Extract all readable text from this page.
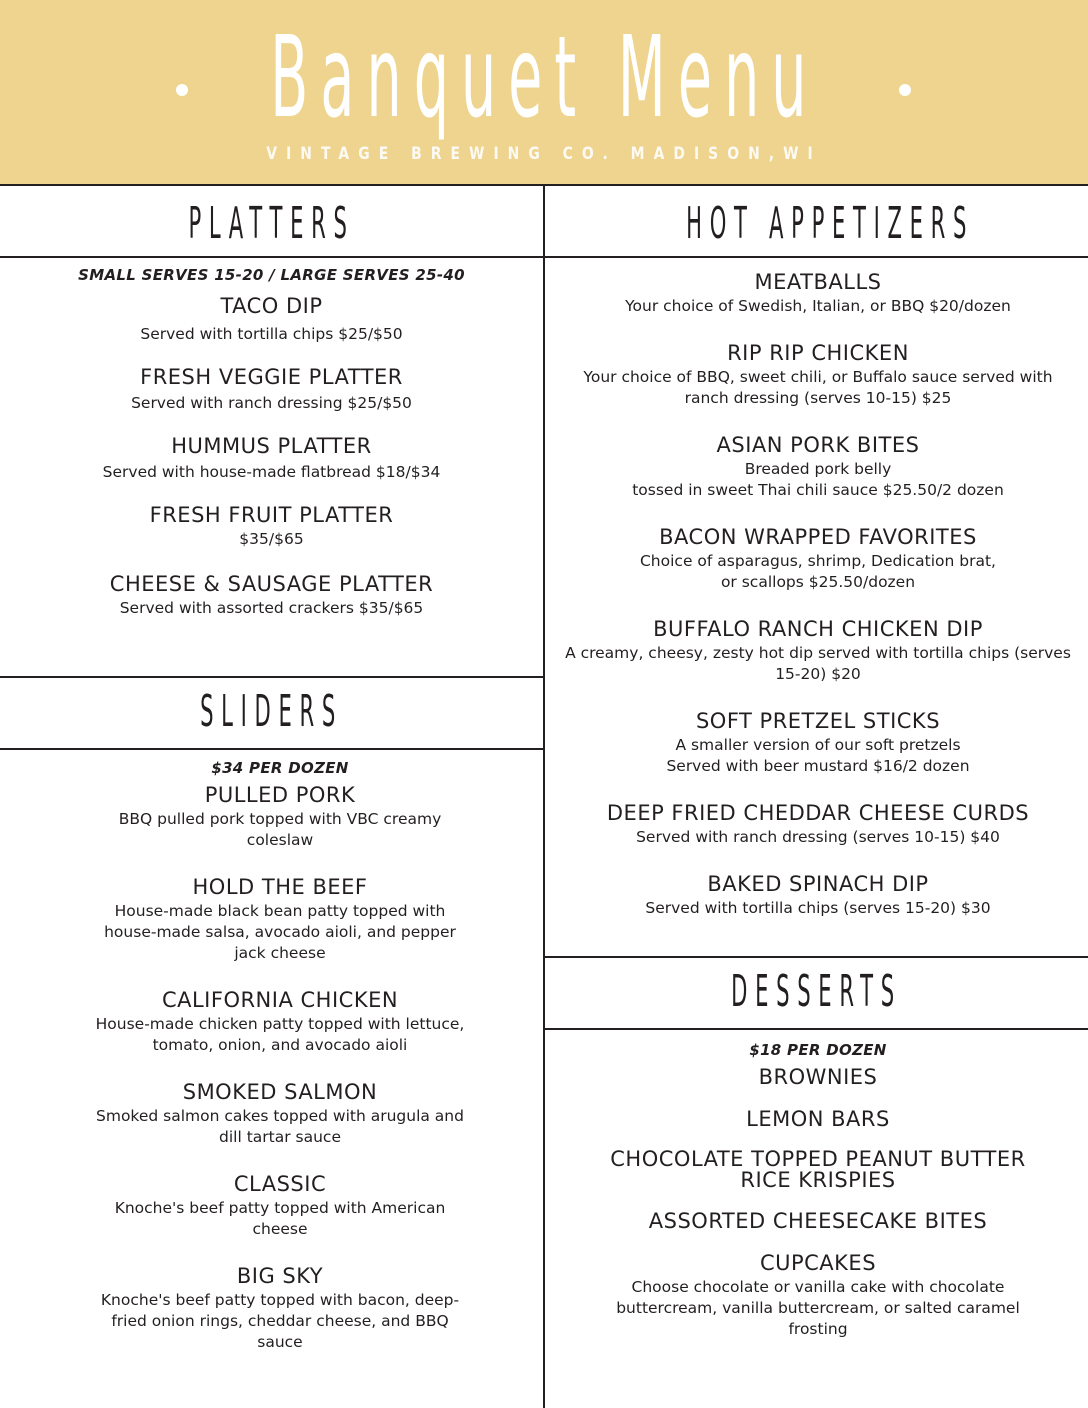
Banquet Menu
VINTAGE BREWING CO. MADISON,WI
PLATTERS	HOT APPETIZERS
SLIDERS
DESSERTS
SMALL SERVES 15-20 / LARGE SERVES 25-40
TACO DIP
Served with tortilla chips $25/$50
FRESH VEGGIE PLATTER
Served with ranch dressing $25/$50
HUMMUS PLATTER
Served with house-made flatbread $18/$34
FRESH FRUIT PLATTER
$35/$65
CHEESE & SAUSAGE PLATTER
Served with assorted crackers $35/$65
$34 PER DOZEN
PULLED PORK
BBQ pulled pork topped with VBC creamy coleslaw
HOLD THE BEEF
House-made black bean patty topped with house-made salsa, avocado aioli, and pepper jack cheese
CALIFORNIA CHICKEN
House-made chicken patty topped with lettuce, tomato, onion, and avocado aioli
SMOKED SALMON
Smoked salmon cakes topped with arugula and dill tartar sauce
CLASSIC
Knoche's beef patty topped with American cheese
BIG SKY
Knoche's beef patty topped with bacon, deep-fried onion rings, cheddar cheese, and BBQ sauce
MEATBALLS
Your choice of Swedish, Italian, or BBQ $20/dozen
RIP RIP CHICKEN
Your choice of BBQ, sweet chili, or Buffalo sauce served with ranch dressing (serves 10-15) $25
ASIAN PORK BITES
Breaded pork belly
tossed in sweet Thai chili sauce $25.50/2 dozen
BACON WRAPPED FAVORITES
Choice of asparagus, shrimp, Dedication brat,
or scallops $25.50/dozen
BUFFALO RANCH CHICKEN DIP
A creamy, cheesy, zesty hot dip served with tortilla chips (serves 15-20) $20
SOFT PRETZEL STICKS
A smaller version of our soft pretzels
Served with beer mustard $16/2 dozen
DEEP FRIED CHEDDAR CHEESE CURDS
Served with ranch dressing (serves 10-15) $40
BAKED SPINACH DIP
Served with tortilla chips (serves 15-20) $30
$18 PER DOZEN
BROWNIES
LEMON BARS
CHOCOLATE TOPPED PEANUT BUTTER
RICE KRISPIES
ASSORTED CHEESECAKE BITES
CUPCAKES
Choose chocolate or vanilla cake with chocolate buttercream, vanilla buttercream, or salted caramel frosting
